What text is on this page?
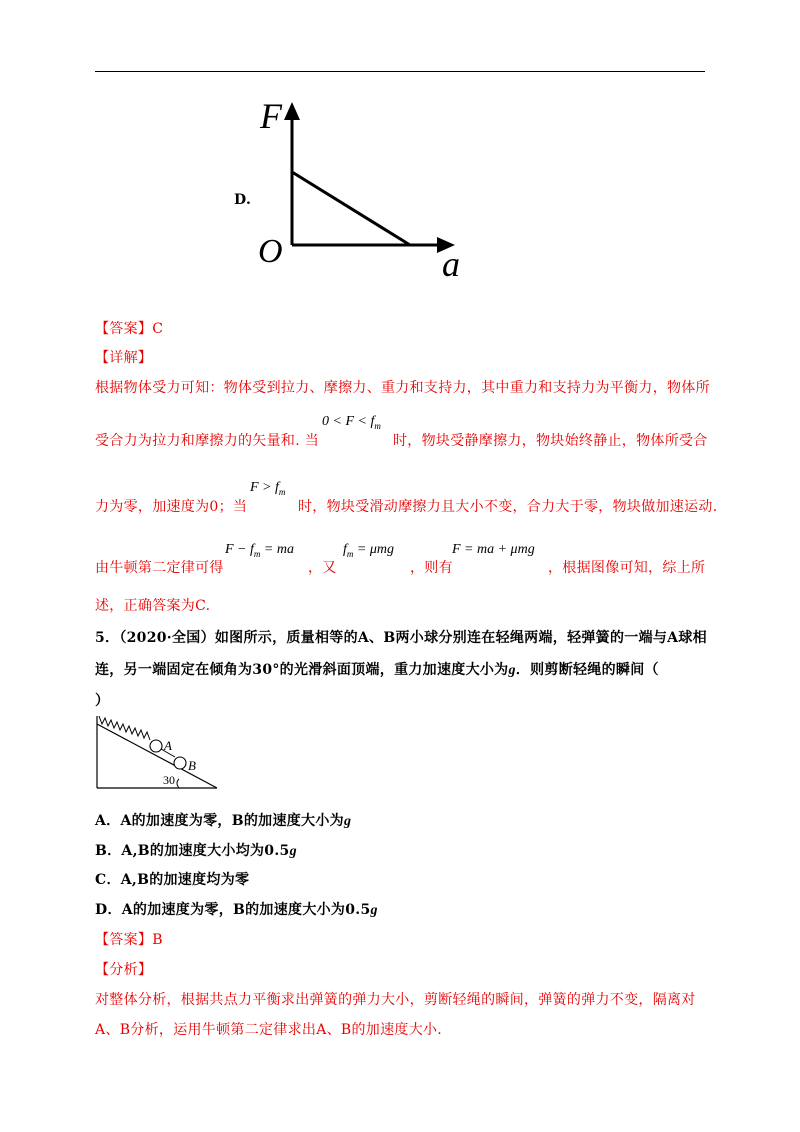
D.
F
a
O
【答案】C
【详解】
根据物体受力可知：物体受到拉力、摩擦力、重力和支持力，其中重力和支持力为平衡力，物体所
受合力为拉力和摩擦力的矢量和. 当
$0 < F < f_m$
时，物块受静摩擦力，物块始终静止，物体所受合
力为零，加速度为0；当
$F > f_m$
时，物块受滑动摩擦力且大小不变，合力大于零，物块做加速运动.
由牛顿第二定律可得
$F - f_m$ = ma
，又
$f_m = \mu mg$
，则有
F = ma + μmg
，根据图像可知，综上所
述，正确答案为C.
5．（2020·全国）如图所示，质量相等的A、B两小球分别连在轻绳两端，轻弹簧的一端与A球相
连，另一端固定在倾角为30°的光滑斜面顶端，重力加速度大小为g．则剪断轻绳的瞬间（
）
A
B
30
A．A的加速度为零，B的加速度大小为g
B．A,B的加速度大小均为0.5g
C．A,B的加速度均为零
D．A的加速度为零，B的加速度大小为0.5g
【答案】B
【分析】
对整体分析，根据共点力平衡求出弹簧的弹力大小，剪断轻绳的瞬间，弹簧的弹力不变，隔离对
A、B分析，运用牛顿第二定律求出A、B的加速度大小.
